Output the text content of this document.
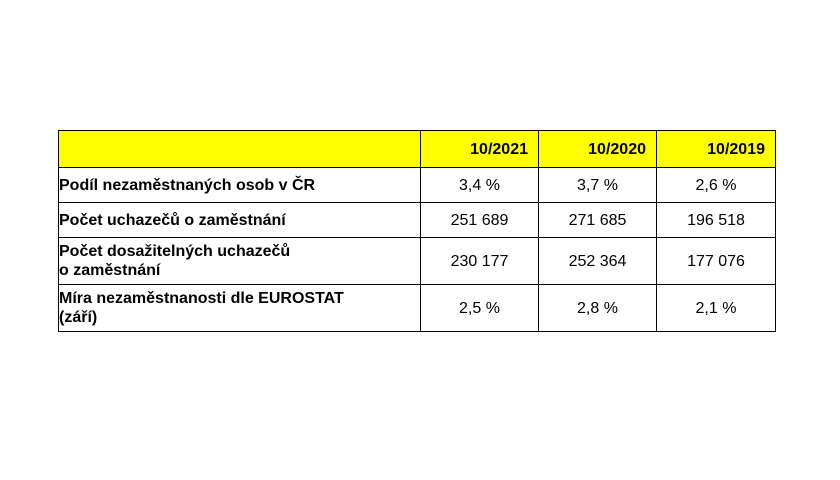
	10/2021	10/2020	10/2019
Podíl nezaměstnaných osob v ČR	3,4 %	3,7 %	2,6 %
Počet uchazečů o zaměstnání	251 689	271 685	196 518
Počet dosažitelných uchazečů
o zaměstnání	230 177	252 364	177 076
Míra nezaměstnanosti dle EUROSTAT
(září)	2,5 %	2,8 %	2,1 %
